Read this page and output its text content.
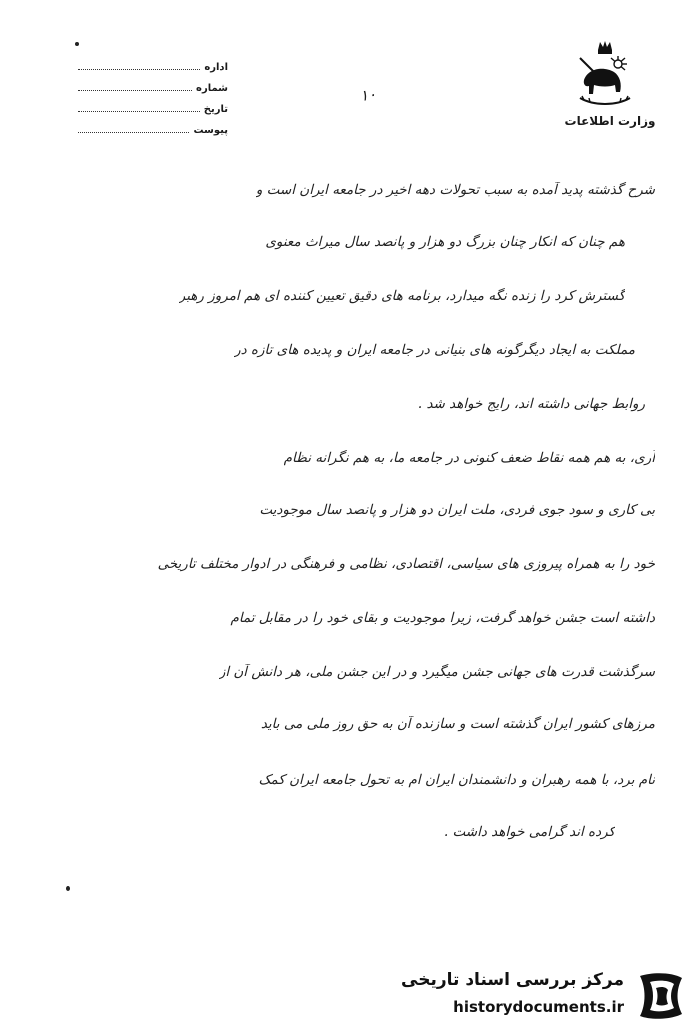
اداره
شماره
تاریخ
پیوست
۱۰
وزارت اطلاعات
شرح گذشته پدید آمده به سبب تحولات دهه اخیر در جامعه ایران است و
هم چنان که انکار چنان بزرگ دو هزار و پانصد سال میراث معنوی
گسترش کرد را زنده نگه میدارد، برنامه های دقیق تعیین کننده ای هم امروز رهبر
مملکت به ایجاد دیگرگونه های بنیانی در جامعه ایران و پدیده های تازه در
روابط جهانی داشته اند، رایج خواهد شد .
آری، به هم همه نقاط ضعف کنونی در جامعه ما، به هم نگرانه نظام
بی کاری و سود جوی فردی، ملت ایران دو هزار و پانصد سال موجودیت
خود را به همراه پیروزی های سیاسی، اقتصادی، نظامی و فرهنگی در ادوار مختلف تاریخی
داشته است جشن خواهد گرفت، زیرا موجودیت و بقای خود را در مقابل تمام
سرگذشت قدرت های جهانی جشن میگیرد و در این جشن ملی، هر دانش آن از
مرزهای کشور ایران گذشته است و سازنده آن به حق روز ملی می باید
نام برد، با همه رهبران و دانشمندان ایران ام به تحول جامعه ایران کمک
کرده اند گرامی خواهد داشت .
مرکز بررسی اسناد تاریخی
historydocuments.ir
